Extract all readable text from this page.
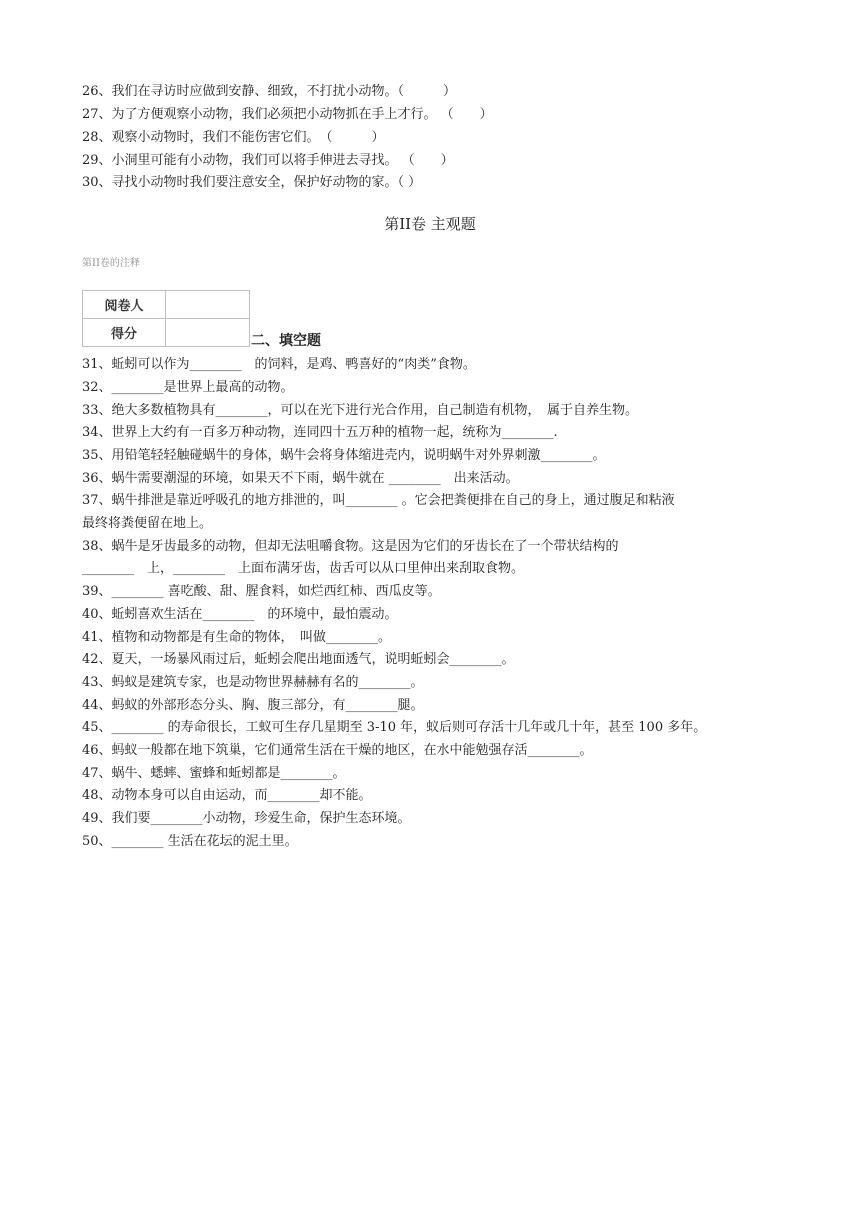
26、我们在寻访时应做到安静、细致，不打扰小动物。（　　　）
27、为了方便观察小动物，我们必须把小动物抓在手上才行。 （　　）
28、观察小动物时，我们不能伤害它们。　（　　　）
29、小洞里可能有小动物，我们可以将手伸进去寻找。 （　　）
30、寻找小动物时我们要注意安全，保护好动物的家。（ ）
第II卷 主观题
第II卷的注释
阅卷人	
得分		二、填空题
31、蚯蚓可以作为________　的饲料，是鸡、鸭喜好的“肉类”食物。
32、________是世界上最高的动物。
33、绝大多数植物具有________，可以在光下进行光合作用，自己制造有机物，　属于自养生物。
34、世界上大约有一百多万种动物，连同四十五万种的植物一起，统称为________.
35、用铅笔轻轻触碰蜗牛的身体，蜗牛会将身体缩进壳内，说明蜗牛对外界刺激________。
36、蜗牛需要潮湿的环境，如果天不下雨，蜗牛就在 ________　出来活动。
37、蜗牛排泄是靠近呼吸孔的地方排泄的，叫________ 。它会把粪便排在自己的身上，通过腹足和粘液
最终将粪便留在地上。
38、蜗牛是牙齿最多的动物，但却无法咀嚼食物。这是因为它们的牙齿长在了一个带状结构的
________　上，________　上面布满牙齿，齿舌可以从口里伸出来刮取食物。
39、________ 喜吃酸、甜、腥食料，如烂西红柿、西瓜皮等。
40、蚯蚓喜欢生活在________　的环境中，最怕震动。
41、植物和动物都是有生命的物体，　叫做________。
42、夏天，一场暴风雨过后，蚯蚓会爬出地面透气，说明蚯蚓会________。
43、蚂蚁是建筑专家，也是动物世界赫赫有名的________。
44、蚂蚁的外部形态分头、胸、腹三部分，有________腿。
45、________ 的寿命很长，工蚁可生存几星期至 3-10 年，蚁后则可存活十几年或几十年，甚至 100 多年。
46、蚂蚁一般都在地下筑巢，它们通常生活在干燥的地区，在水中能勉强存活________。
47、蜗牛、蟋蟀、蜜蜂和蚯蚓都是________。
48、动物本身可以自由运动，而________却不能。
49、我们要________小动物，珍爱生命，保护生态环境。
50、________ 生活在花坛的泥土里。
